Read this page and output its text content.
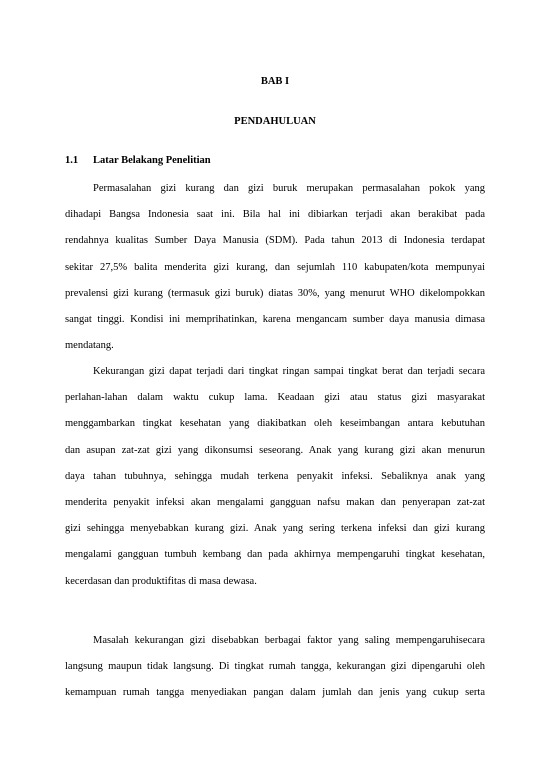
BAB I
PENDAHULUAN
1.1 Latar Belakang Penelitian
Permasalahan gizi kurang dan gizi buruk merupakan permasalahan pokok yang
dihadapi Bangsa Indonesia saat ini. Bila hal ini dibiarkan terjadi akan berakibat pada
rendahnya kualitas Sumber Daya Manusia (SDM). Pada tahun 2013 di Indonesia terdapat
sekitar 27,5% balita menderita gizi kurang, dan sejumlah 110 kabupaten/kota mempunyai
prevalensi gizi kurang (termasuk gizi buruk) diatas 30%, yang menurut WHO dikelompokkan
sangat tinggi. Kondisi ini memprihatinkan, karena mengancam sumber daya manusia dimasa
mendatang.
Kekurangan gizi dapat terjadi dari tingkat ringan sampai tingkat berat dan terjadi secara
perlahan-lahan dalam waktu cukup lama. Keadaan gizi atau status gizi masyarakat
menggambarkan tingkat kesehatan yang diakibatkan oleh keseimbangan antara kebutuhan
dan asupan zat-zat gizi yang dikonsumsi seseorang. Anak yang kurang gizi akan menurun
daya tahan tubuhnya, sehingga mudah terkena penyakit infeksi. Sebaliknya anak yang
menderita penyakit infeksi akan mengalami gangguan nafsu makan dan penyerapan zat-zat
gizi sehingga menyebabkan kurang gizi. Anak yang sering terkena infeksi dan gizi kurang
mengalami gangguan tumbuh kembang dan pada akhirnya mempengaruhi tingkat kesehatan,
kecerdasan dan produktifitas di masa dewasa.
Masalah kekurangan gizi disebabkan berbagai faktor yang saling mempengaruhisecara
langsung maupun tidak langsung. Di tingkat rumah tangga, kekurangan gizi dipengaruhi oleh
kemampuan rumah tangga menyediakan pangan dalam jumlah dan jenis yang cukup serta
